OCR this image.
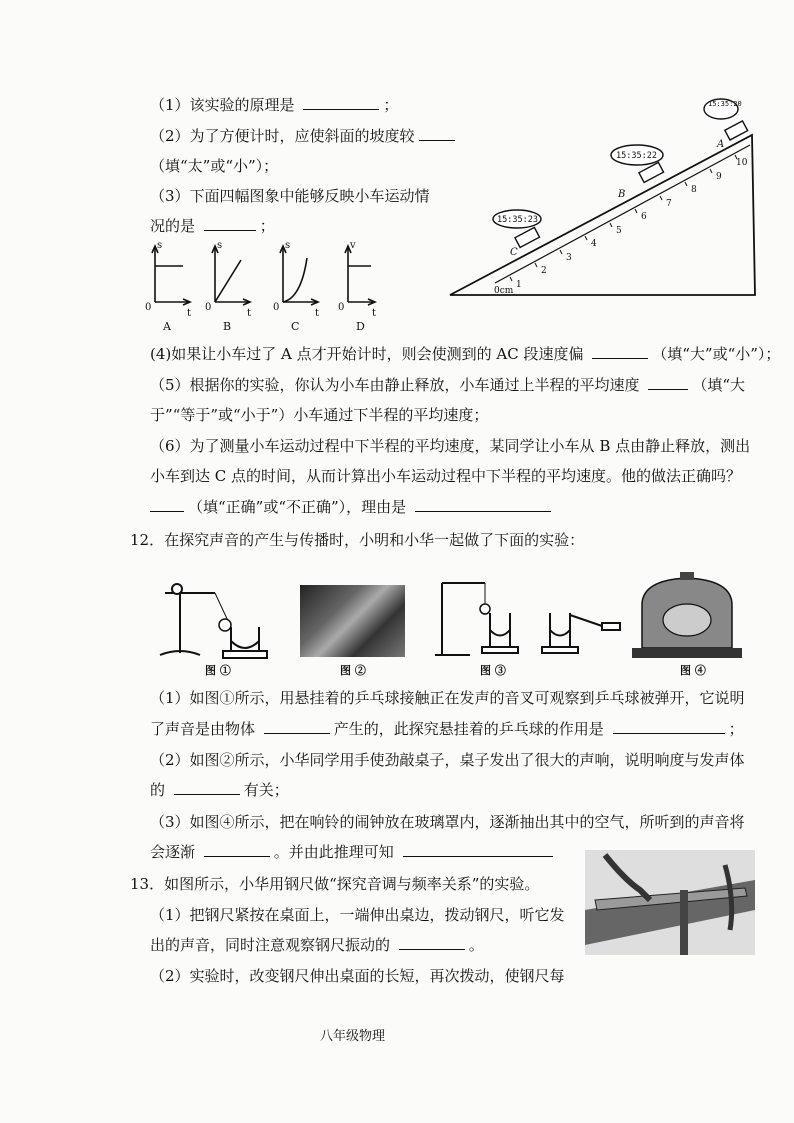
（1）该实验的原理是	；
（2）为了方便计时，应使斜面的坡度较
（填“太”或“小”）；
（3）下面四幅图象中能够反映小车运动情
况的是	；
s	s	s	v
0	0	0	0
t	t	t	t
A	B	C	D
0cm
1
2
3
4
5
6
7
8
9
10
15:35:23
15:35:22
15:35:20
C
B
A
(4)如果让小车过了 A 点才开始计时，则会使测到的 AC 段速度偏	（填“大”或“小”）；
（5）根据你的实验，你认为小车由静止释放，小车通过上半程的平均速度	（填“大
于”“等于”或“小于”）小车通过下半程的平均速度；
（6）为了测量小车运动过程中下半程的平均速度，某同学让小车从 B 点由静止释放，测出
小车到达 C 点的时间，从而计算出小车运动过程中下半程的平均速度。他的做法正确吗？
（填“正确”或“不正确”），理由是
12．在探究声音的产生与传播时，小明和小华一起做了下面的实验：
图 ①	图 ②	图 ③	图 ④
（1）如图①所示，用悬挂着的乒乓球接触正在发声的音叉可观察到乒乓球被弹开，它说明
了声音是由物体	产生的，此探究悬挂着的乒乓球的作用是	；
（2）如图②所示，小华同学用手使劲敲桌子，桌子发出了很大的声响，说明响度与发声体
的	有关；
（3）如图④所示，把在响铃的闹钟放在玻璃罩内，逐渐抽出其中的空气，所听到的声音将
会逐渐	。并由此推理可知
13．如图所示，小华用钢尺做“探究音调与频率关系”的实验。
（1）把钢尺紧按在桌面上，一端伸出桌边，拨动钢尺，听它发
出的声音，同时注意观察钢尺振动的	。
（2）实验时，改变钢尺伸出桌面的长短，再次拨动，使钢尺每
八年级物理
